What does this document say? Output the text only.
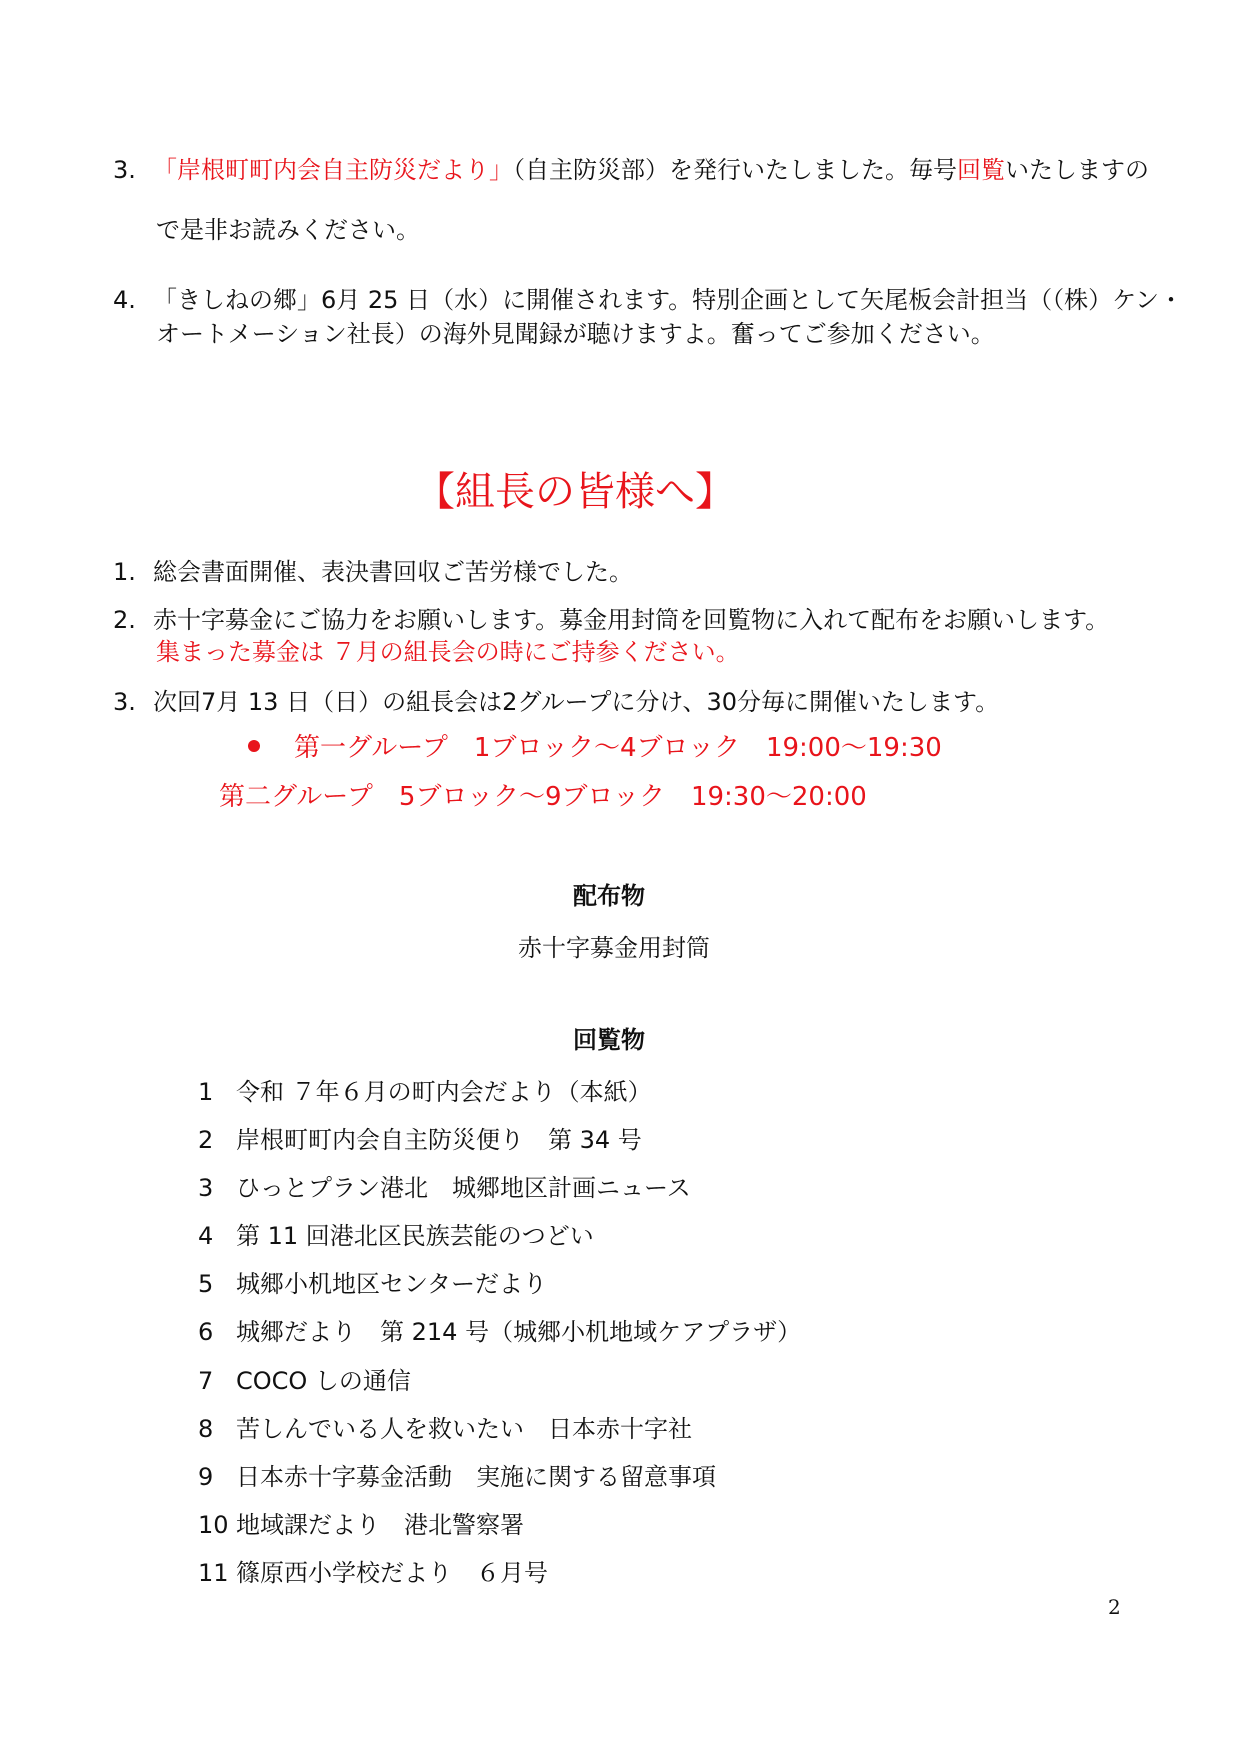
3. 「岸根町町内会自主防災だより」（自主防災部）を発行いたしました。毎号回覧いたしますの
で是非お読みください。
4. 「きしねの郷」6月 25 日（水）に開催されます。特別企画として矢尾板会計担当（（株）ケン・
オートメーション社長）の海外見聞録が聴けますよ。奮ってご参加ください。
【組長の皆様へ】
1. 総会書面開催、表決書回収ご苦労様でした。
2. 赤十字募金にご協力をお願いします。募金用封筒を回覧物に入れて配布をお願いします。
集まった募金は ７月の組長会の時にご持参ください。
3. 次回7月 13 日（日）の組長会は2グループに分け、30分毎に開催いたします。
第一グループ　1ブロック～4ブロック　19:00～19:30
第二グループ　5ブロック～9ブロック　19:30～20:00
配布物
赤十字募金用封筒
回覧物
1 令和 ７年６月の町内会だより（本紙）
2 岸根町町内会自主防災便り　第 34 号
3 ひっとプラン港北　城郷地区計画ニュース
4 第 11 回港北区民族芸能のつどい
5 城郷小机地区センターだより
6 城郷だより　第 214 号（城郷小机地域ケアプラザ）
7 COCO しの通信
8 苦しんでいる人を救いたい　日本赤十字社
9 日本赤十字募金活動　実施に関する留意事項
10 地域課だより　港北警察署
11 篠原西小学校だより　６月号
2
